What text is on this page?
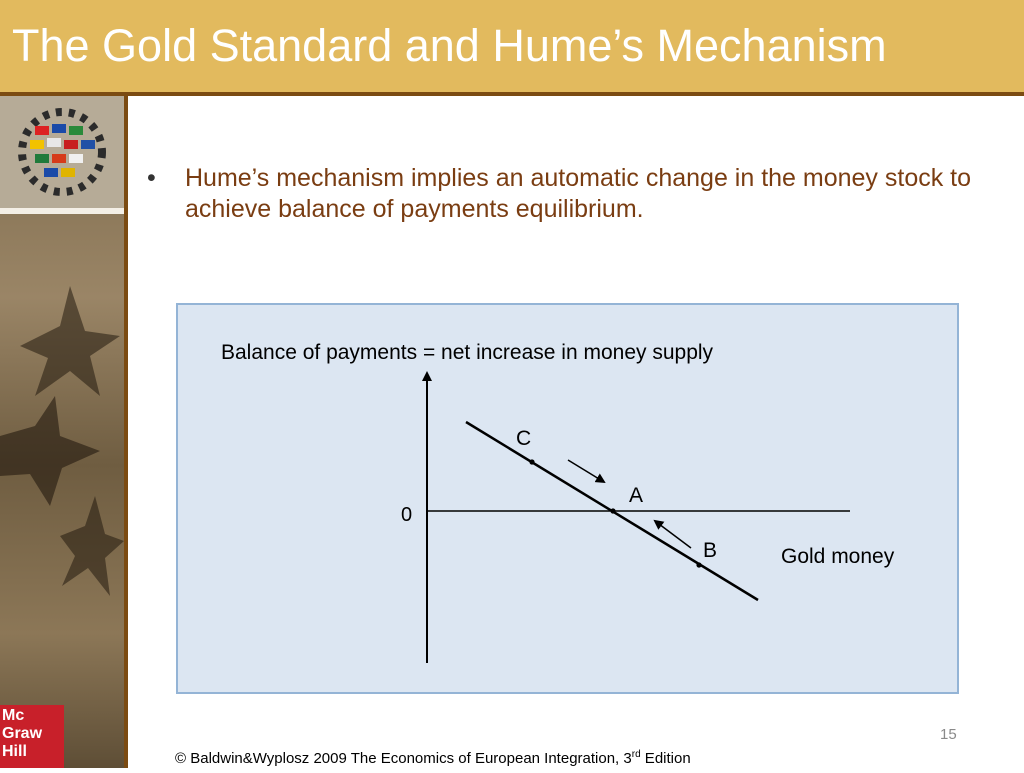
The Gold Standard and Hume’s Mechanism
Mc
Graw
Hill
• Hume’s mechanism implies an automatic change in the money stock to achieve balance of payments equilibrium.
Balance of payments = net increase in money supply
Gold money
0
C
A
B
15
© Baldwin&Wyplosz 2009 The Economics of European Integration, 3rd Edition
